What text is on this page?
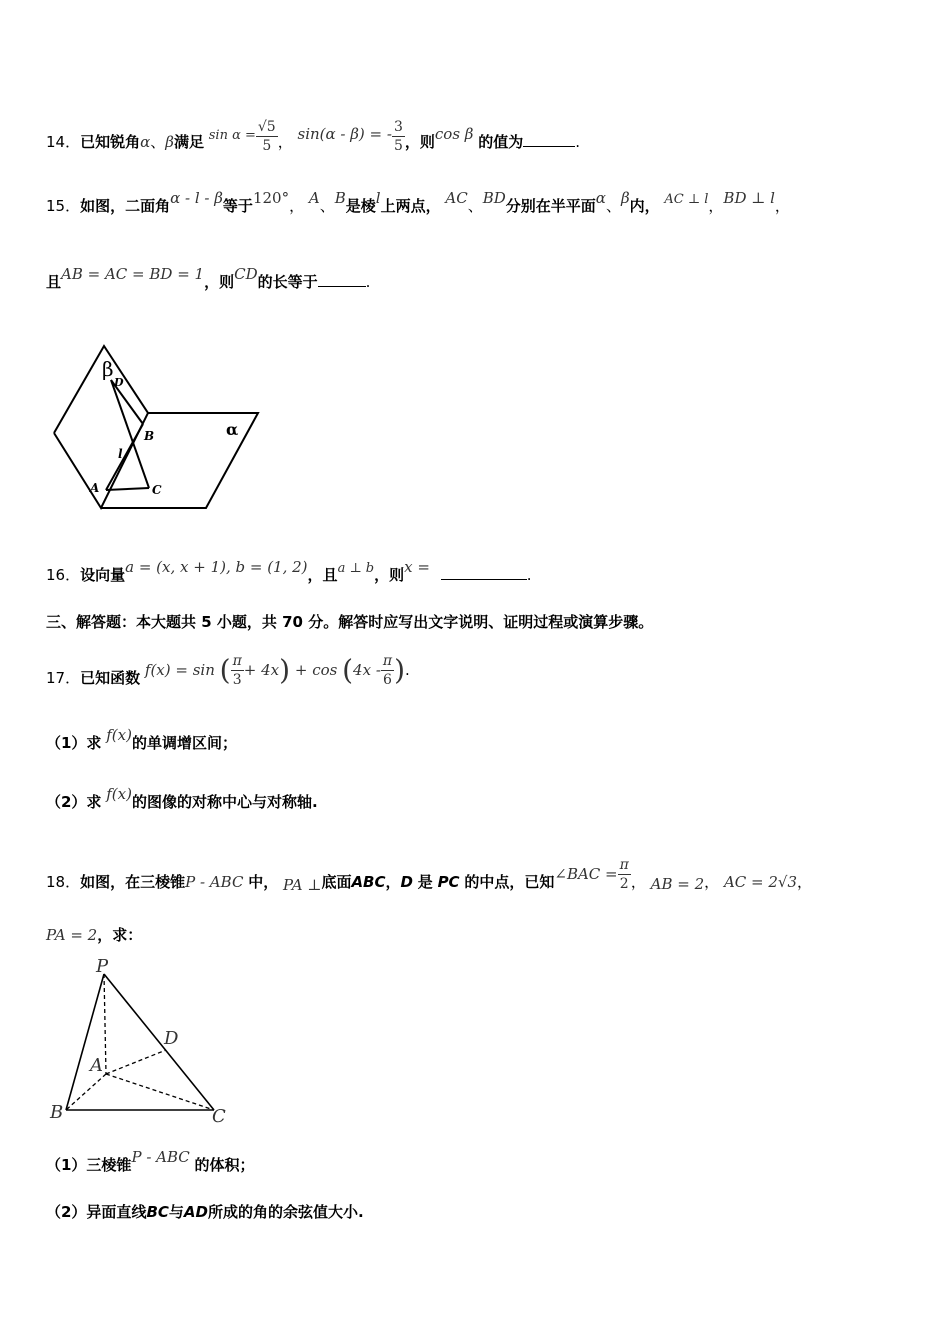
14．已知锐角α、β满足 $\sin \alpha = \frac{√5}{5}$ ， sin(α - β) = - $\frac{3}{5}$ ，则cos β 的值为	.
15．如图，二面角α - l - β等于120°， A、B是棱l上两点， AC、BD分别在半平面α、β内， AC ⊥ l，BD ⊥ l，
且AB = AC = BD = 1，则CD的长等于	.
β
D
B	α
l
A	C
16．设向量a = (x, x + 1), b = (1, 2)，且a ⊥ b，则x =	.
三、解答题：本大题共 5 小题，共 70 分。解答时应写出文字说明、证明过程或演算步骤。
17．已知函数 f(x) = sin ( $\frac{\pi}{3} + 4x) + \cos (4x - \frac{\pi}{6}$ ).
（1）求 f(x)的单调增区间；
（2）求 f(x)的图像的对称中心与对称轴.
18．如图，在三棱锥P - ABC 中， PA ⊥底面ABC，D 是 PC 的中点，已知∠BAC = $\frac{\pi}{2}$ ， AB = 2， AC = 2√3，
PA = 2，求：
P
D
A
B	C
（1）三棱锥P - ABC 的体积；
（2）异面直线BC与AD所成的角的余弦值大小.
